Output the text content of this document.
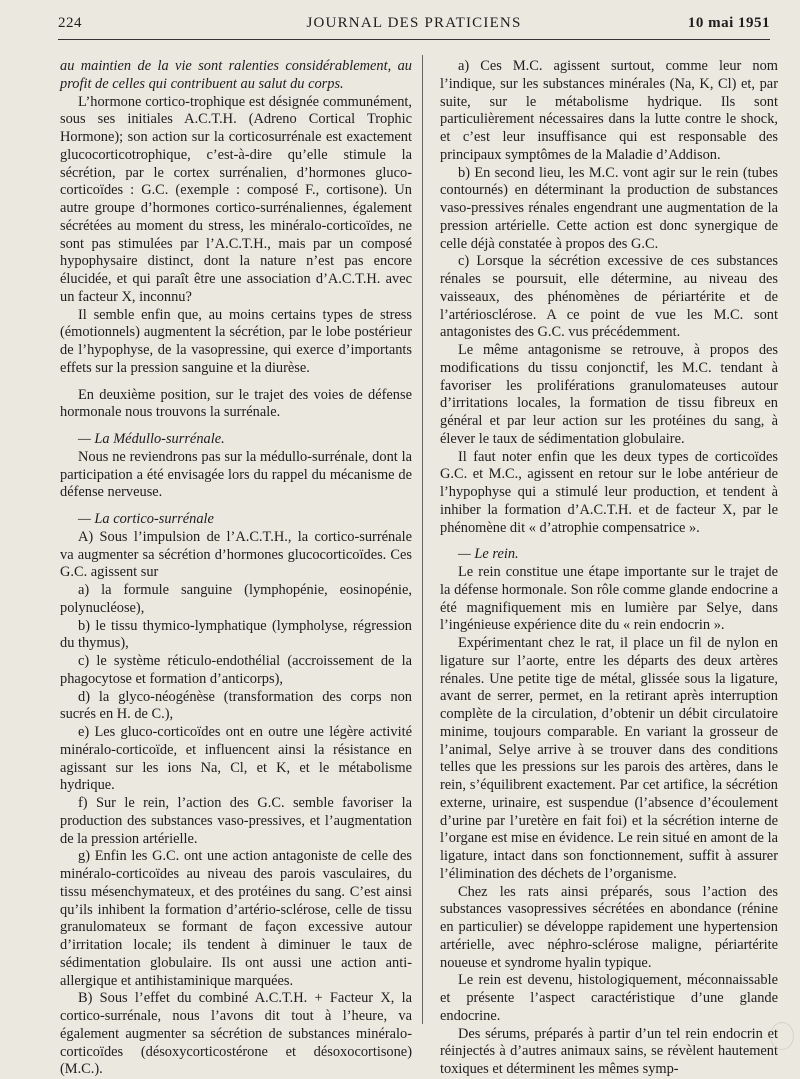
224	JOURNAL DES PRATICIENS	10 mai 1951

au maintien de la vie sont ralenties considérablement, au profit de celles qui contribuent au salut du corps.

L’hormone cortico-trophique est désignée communément, sous ses initiales A.C.T.H. (Adreno Cortical Trophic Hormone); son action sur la corticosurrénale est exactement glucocorticotrophique, c’est-à-dire qu’elle stimule la sécrétion, par le cortex surrénalien, d’hormones gluco-corticoïdes : G.C. (exemple : composé F., cortisone). Un autre groupe d’hormones cortico-surrénaliennes, également sécrétées au moment du stress, les minéralo-corticoïdes, ne sont pas stimulées par l’A.C.T.H., mais par un composé hypophysaire distinct, dont la nature n’est pas encore élucidée, et qui paraît être une association d’A.C.T.H. avec un facteur X, inconnu?

Il semble enfin que, au moins certains types de stress (émotionnels) augmentent la sécrétion, par le lobe postérieur de l’hypophyse, de la vasopressine, qui exerce d’importants effets sur la pression sanguine et la diurèse.

En deuxième position, sur le trajet des voies de défense hormonale nous trouvons la surrénale.

— La Médullo-surrénale.

Nous ne reviendrons pas sur la médullo-surrénale, dont la participation a été envisagée lors du rappel du mécanisme de défense nerveuse.

— La cortico-surrénale

A) Sous l’impulsion de l’A.C.T.H., la cortico-surrénale va augmenter sa sécrétion d’hormones glucocorticoïdes. Ces G.C. agissent sur

a) la formule sanguine (lymphopénie, eosinopénie, polynucléose),

b) le tissu thymico-lymphatique (lympholyse, régression du thymus),

c) le système réticulo-endothélial (accroissement de la phagocytose et formation d’anticorps),

d) la glyco-néogénèse (transformation des corps non sucrés en H. de C.),

e) Les gluco-corticoïdes ont en outre une légère activité minéralo-corticoïde, et influencent ainsi la résistance en agissant sur les ions Na, Cl, et K, et le métabolisme hydrique.

f) Sur le rein, l’action des G.C. semble favoriser la production des substances vaso-pressives, et l’augmentation de la pression artérielle.

g) Enfin les G.C. ont une action antagoniste de celle des minéralo-corticoïdes au niveau des parois vasculaires, du tissu mésenchymateux, et des protéines du sang. C’est ainsi qu’ils inhibent la formation d’artério-sclérose, celle de tissu granulomateux se formant de façon excessive autour d’irritation locale; ils tendent à diminuer le taux de sédimentation globulaire. Ils ont aussi une action anti-allergique et antihistaminique marquées.

B) Sous l’effet du combiné A.C.T.H. + Facteur X, la cortico-surrénale, nous l’avons dit tout à l’heure, va également augmenter sa sécrétion de substances minéralo-corticoïdes (désoxycorticostérone et désoxocortisone) (M.C.).

a) Ces M.C. agissent surtout, comme leur nom l’indique, sur les substances minérales (Na, K, Cl) et, par suite, sur le métabolisme hydrique. Ils sont particulièrement nécessaires dans la lutte contre le shock, et c’est leur insuffisance qui est responsable des principaux symptômes de la Maladie d’Addison.

b) En second lieu, les M.C. vont agir sur le rein (tubes contournés) en déterminant la production de substances vaso-pressives rénales engendrant une augmentation de la pression artérielle. Cette action est donc synergique de celle déjà constatée à propos des G.C.

c) Lorsque la sécrétion excessive de ces substances rénales se poursuit, elle détermine, au niveau des vaisseaux, des phénomènes de périartérite et de l’artériosclérose. A ce point de vue les M.C. sont antagonistes des G.C. vus précédemment.

Le même antagonisme se retrouve, à propos des modifications du tissu conjonctif, les M.C. tendant à favoriser les proliférations granulomateuses autour d’irritations locales, la formation de tissu fibreux en général et par leur action sur les protéines du sang, à élever le taux de sédimentation globulaire.

Il faut noter enfin que les deux types de corticoïdes G.C. et M.C., agissent en retour sur le lobe antérieur de l’hypophyse qui a stimulé leur production, et tendent à inhiber la formation d’A.C.T.H. et de facteur X, par le phénomène dit « d’atrophie compensatrice ».

— Le rein.

Le rein constitue une étape importante sur le trajet de la défense hormonale. Son rôle comme glande endocrine a été magnifiquement mis en lumière par Selye, dans l’ingénieuse expérience dite du « rein endocrin ».

Expérimentant chez le rat, il place un fil de nylon en ligature sur l’aorte, entre les départs des deux artères rénales. Une petite tige de métal, glissée sous la ligature, avant de serrer, permet, en la retirant après interruption complète de la circulation, d’obtenir un débit circulatoire minime, toujours comparable. En variant la grosseur de l’animal, Selye arrive à se trouver dans des conditions telles que les pressions sur les parois des artères, dans le rein, s’équilibrent exactement. Par cet artifice, la sécrétion externe, urinaire, est suspendue (l’absence d’écoulement d’urine par l’uretère en fait foi) et la sécrétion interne de l’organe est mise en évidence. Le rein situé en amont de la ligature, intact dans son fonctionnement, suffit à assurer l’élimination des déchets de l’organisme.

Chez les rats ainsi préparés, sous l’action des substances vasopressives sécrétées en abondance (rénine en particulier) se développe rapidement une hypertension artérielle, avec néphro-sclérose maligne, périartérite noueuse et syndrome hyalin typique.

Le rein est devenu, histologiquement, méconnaissable et présente l’aspect caractéristique d’une glande endocrine.

Des sérums, préparés à partir d’un tel rein endocrin et réinjectés à d’autres animaux sains, se révèlent hautement toxiques et déterminent les mêmes symp-
